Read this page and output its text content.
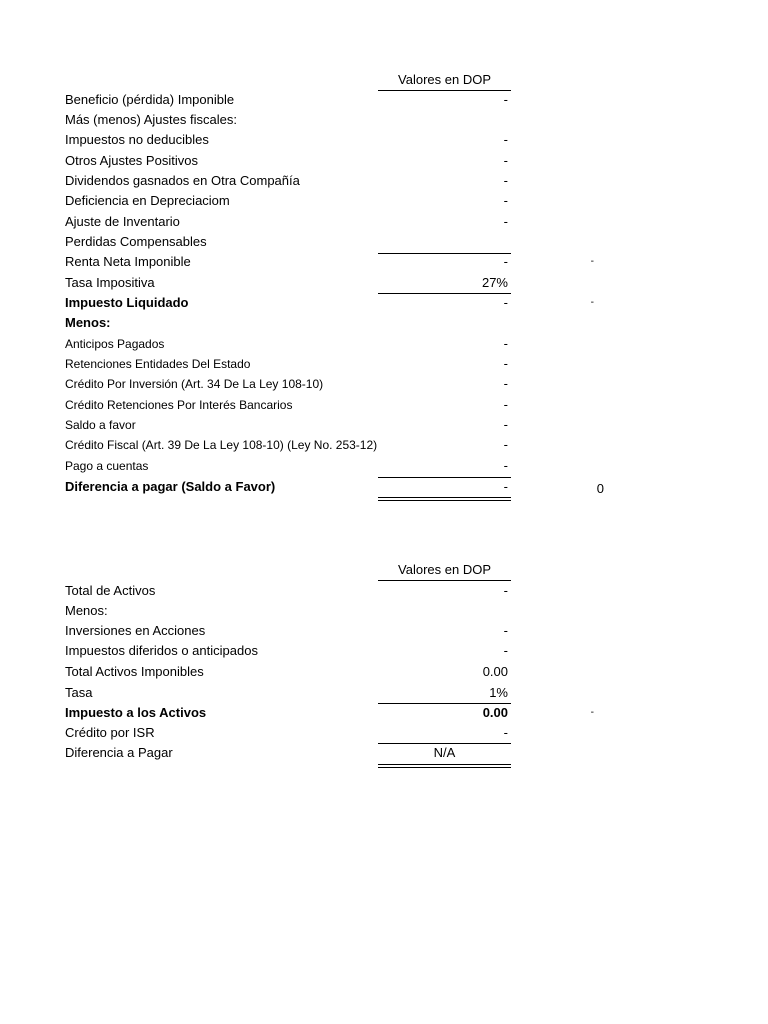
Valores en DOP
Beneficio (pérdida) Imponible	-
Más (menos) Ajustes fiscales:
Impuestos no deducibles	-
Otros Ajustes Positivos	-
Dividendos gasnados en Otra Compañía	-
Deficiencia en Depreciaciom	-
Ajuste de Inventario	-
Perdidas Compensables
Renta Neta Imponible	-	-
Tasa Impositiva	27%
Impuesto Liquidado	-	-
Menos:
Anticipos Pagados	-
Retenciones Entidades Del Estado	-
Crédito Por Inversión (Art. 34 De La Ley 108-10)	-
Crédito Retenciones Por Interés Bancarios	-
Saldo a favor	-
Crédito Fiscal (Art. 39 De La Ley 108-10) (Ley No. 253-12)	-
Pago a cuentas	-
Diferencia a pagar (Saldo a Favor)	-	0
Valores en DOP
Total de Activos	-
Menos:
Inversiones en Acciones	-
Impuestos diferidos o anticipados	-
Total Activos Imponibles	0.00
Tasa	1%
Impuesto a los Activos	0.00	-
Crédito por ISR	-
Diferencia a Pagar	N/A
